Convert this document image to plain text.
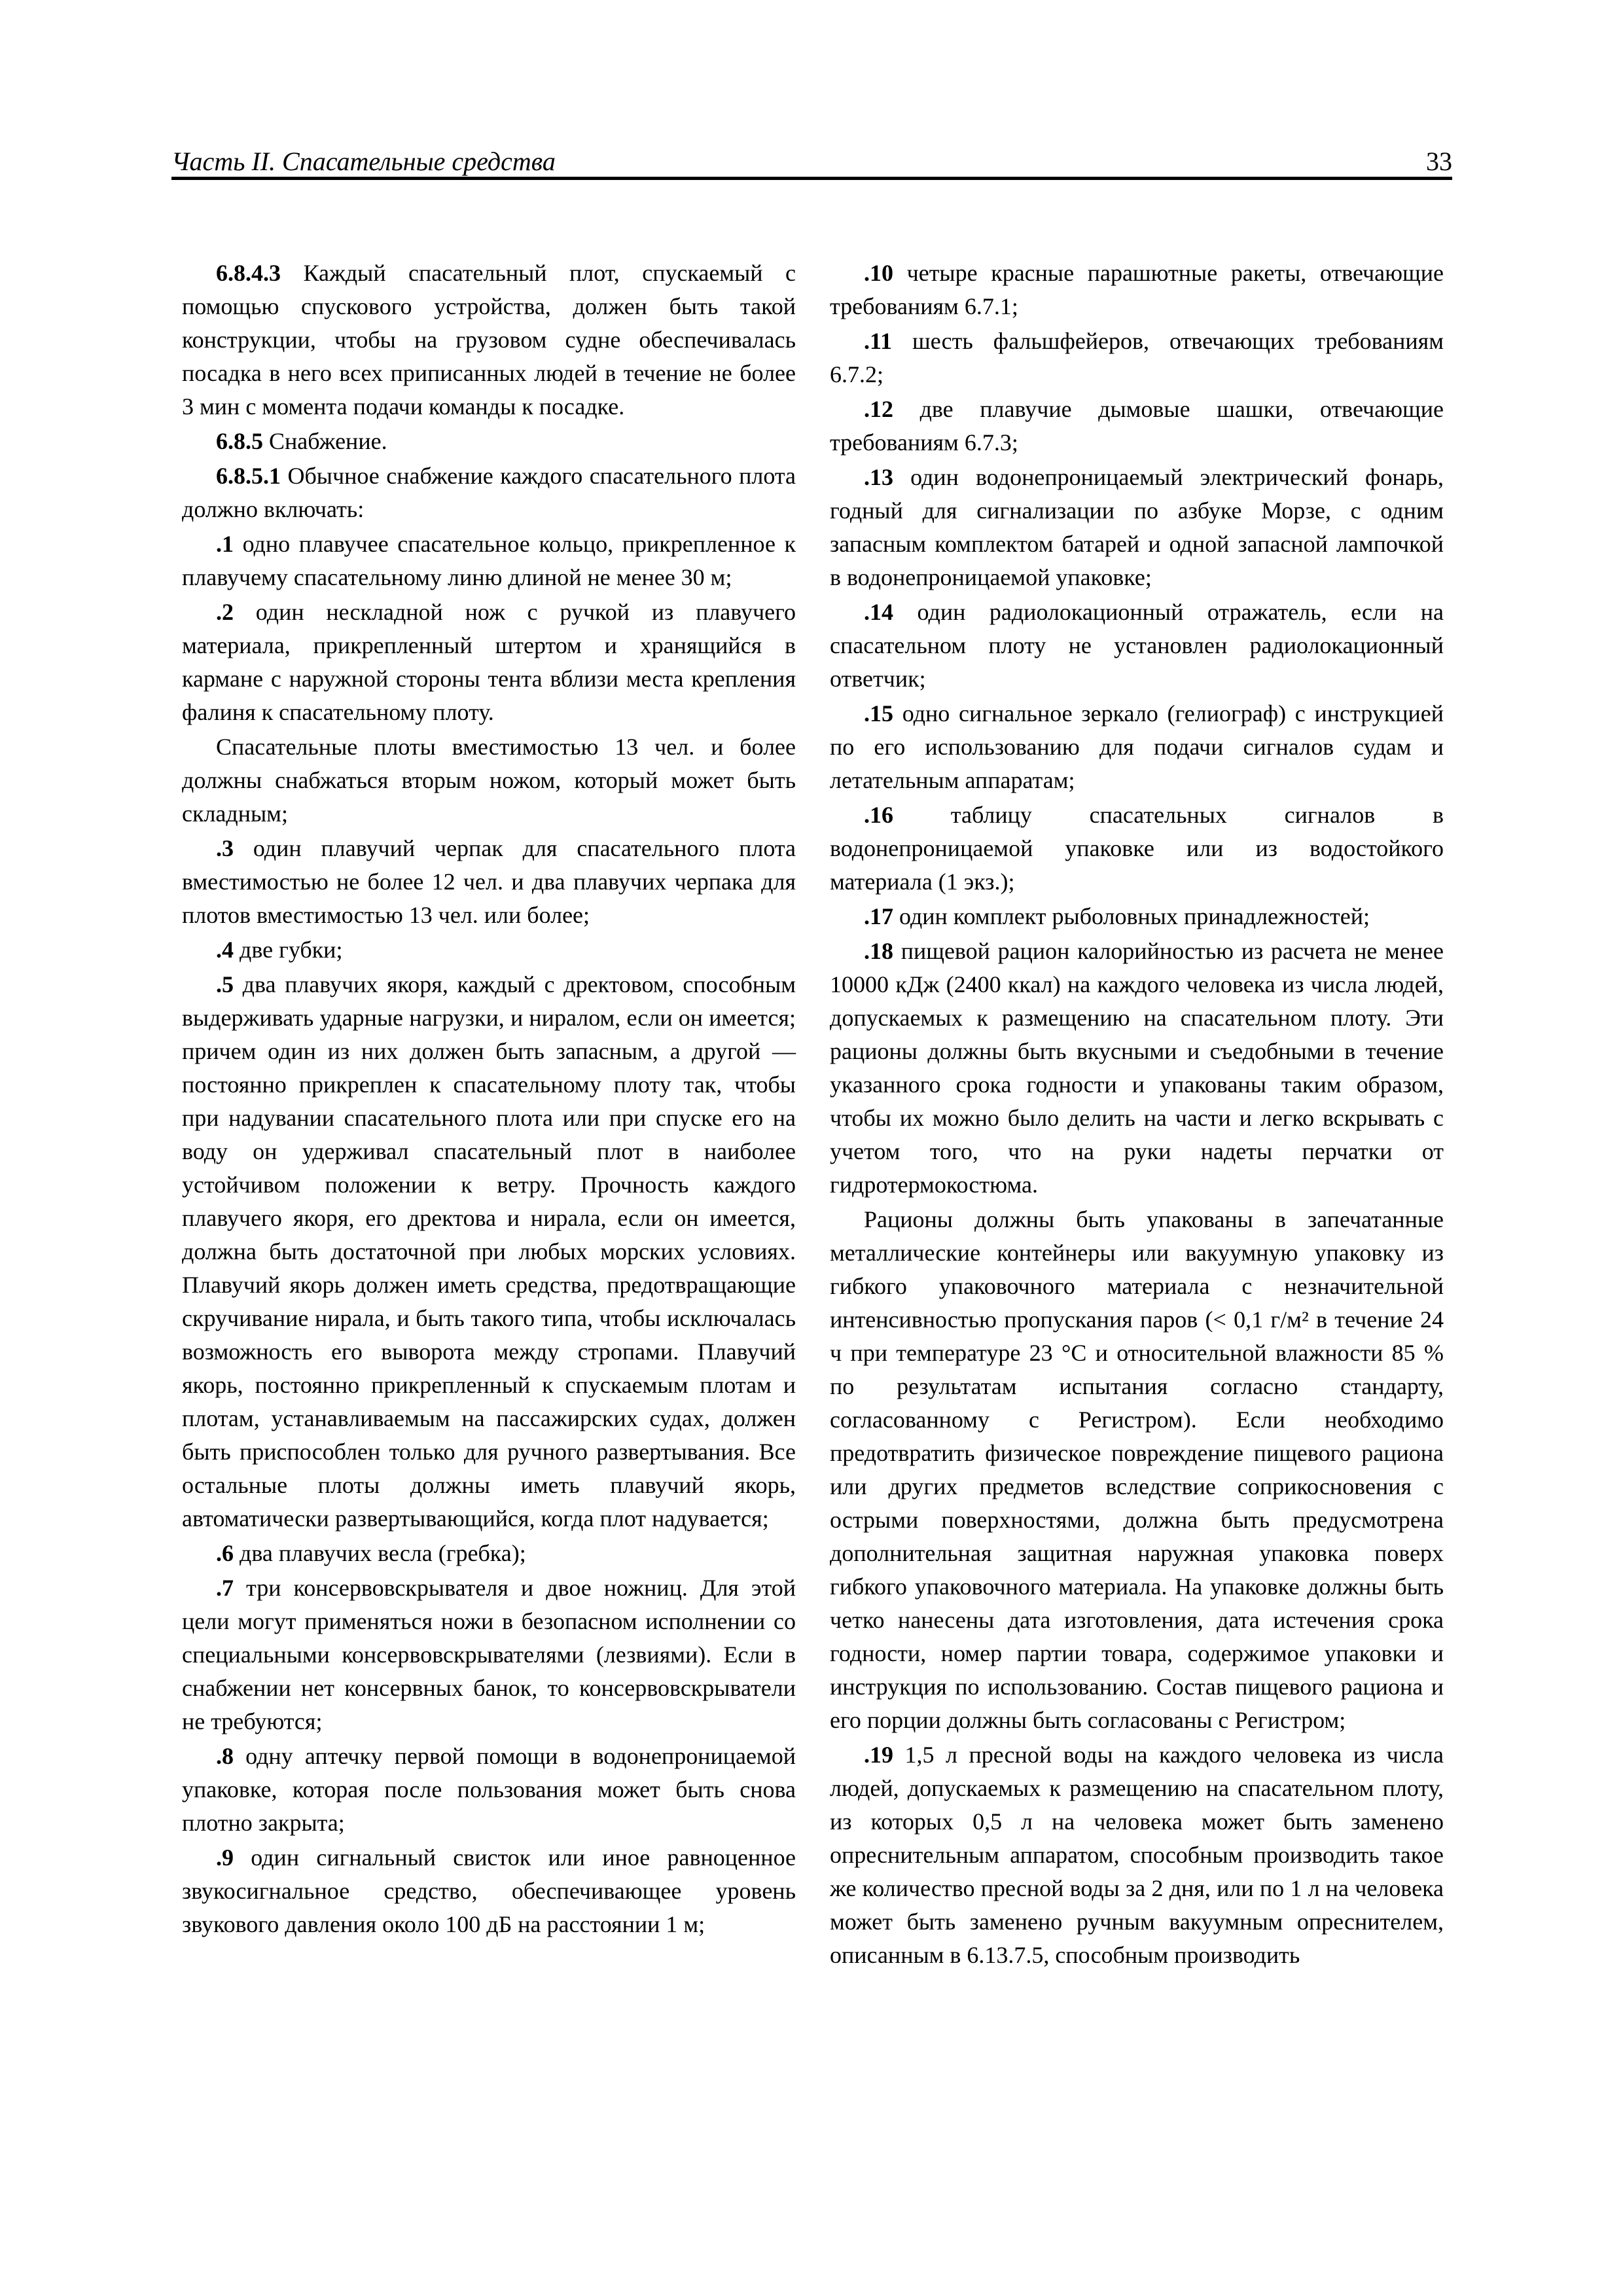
Часть II. Спасательные средства	33

6.8.4.3 Каждый спасательный плот, спускаемый с помощью спускового устройства, должен быть такой конструкции, чтобы на грузовом судне обеспечивалась посадка в него всех приписанных людей в течение не более 3 мин с момента подачи команды к посадке.

6.8.5 Снабжение.

6.8.5.1 Обычное снабжение каждого спасательного плота должно включать:

.1 одно плавучее спасательное кольцо, прикрепленное к плавучему спасательному линю длиной не менее 30 м;

.2 один нескладной нож с ручкой из плавучего материала, прикрепленный штертом и хранящийся в кармане с наружной стороны тента вблизи места крепления фалиня к спасательному плоту.

Спасательные плоты вместимостью 13 чел. и более должны снабжаться вторым ножом, который может быть складным;

.3 один плавучий черпак для спасательного плота вместимостью не более 12 чел. и два плавучих черпака для плотов вместимостью 13 чел. или более;

.4 две губки;

.5 два плавучих якоря, каждый с дректовом, способным выдерживать ударные нагрузки, и ниралом, если он имеется; причем один из них должен быть запасным, а другой — постоянно прикреплен к спасательному плоту так, чтобы при надувании спасательного плота или при спуске его на воду он удерживал спасательный плот в наиболее устойчивом положении к ветру. Прочность каждого плавучего якоря, его дректова и нирала, если он имеется, должна быть достаточной при любых морских условиях. Плавучий якорь должен иметь средства, предотвращающие скручивание нирала, и быть такого типа, чтобы исключалась возможность его выворота между стропами. Плавучий якорь, постоянно прикрепленный к спускаемым плотам и плотам, устанавливаемым на пассажирских судах, должен быть приспособлен только для ручного развертывания. Все остальные плоты должны иметь плавучий якорь, автоматически развертывающийся, когда плот надувается;

.6 два плавучих весла (гребка);

.7 три консервовскрывателя и двое ножниц. Для этой цели могут применяться ножи в безопасном исполнении со специальными консервовскрывателями (лезвиями). Если в снабжении нет консервных банок, то консервовскрыватели не требуются;

.8 одну аптечку первой помощи в водонепроницаемой упаковке, которая после пользования может быть снова плотно закрыта;

.9 один сигнальный свисток или иное равноценное звукосигнальное средство, обеспечивающее уровень звукового давления около 100 дБ на расстоянии 1 м;

.10 четыре красные парашютные ракеты, отвечающие требованиям 6.7.1;

.11 шесть фальшфейеров, отвечающих требованиям 6.7.2;

.12 две плавучие дымовые шашки, отвечающие требованиям 6.7.3;

.13 один водонепроницаемый электрический фонарь, годный для сигнализации по азбуке Морзе, с одним запасным комплектом батарей и одной запасной лампочкой в водонепроницаемой упаковке;

.14 один радиолокационный отражатель, если на спасательном плоту не установлен радиолокационный ответчик;

.15 одно сигнальное зеркало (гелиограф) с инструкцией по его использованию для подачи сигналов судам и летательным аппаратам;

.16 таблицу спасательных сигналов в водонепроницаемой упаковке или из водостойкого материала (1 экз.);

.17 один комплект рыболовных принадлежностей;

.18 пищевой рацион калорийностью из расчета не менее 10000 кДж (2400 ккал) на каждого человека из числа людей, допускаемых к размещению на спасательном плоту. Эти рационы должны быть вкусными и съедобными в течение указанного срока годности и упакованы таким образом, чтобы их можно было делить на части и легко вскрывать с учетом того, что на руки надеты перчатки от гидротермокостюма.

Рационы должны быть упакованы в запечатанные металлические контейнеры или вакуумную упаковку из гибкого упаковочного материала с незначительной интенсивностью пропускания паров (< 0,1 г/м² в течение 24 ч при температуре 23 °С и относительной влажности 85 % по результатам испытания согласно стандарту, согласованному с Регистром). Если необходимо предотвратить физическое повреждение пищевого рациона или других предметов вследствие соприкосновения с острыми поверхностями, должна быть предусмотрена дополнительная защитная наружная упаковка поверх гибкого упаковочного материала. На упаковке должны быть четко нанесены дата изготовления, дата истечения срока годности, номер партии товара, содержимое упаковки и инструкция по использованию. Состав пищевого рациона и его порции должны быть согласованы с Регистром;

.19 1,5 л пресной воды на каждого человека из числа людей, допускаемых к размещению на спасательном плоту, из которых 0,5 л на человека может быть заменено опреснительным аппаратом, способным производить такое же количество пресной воды за 2 дня, или по 1 л на человека может быть заменено ручным вакуумным опреснителем, описанным в 6.13.7.5, способным производить
